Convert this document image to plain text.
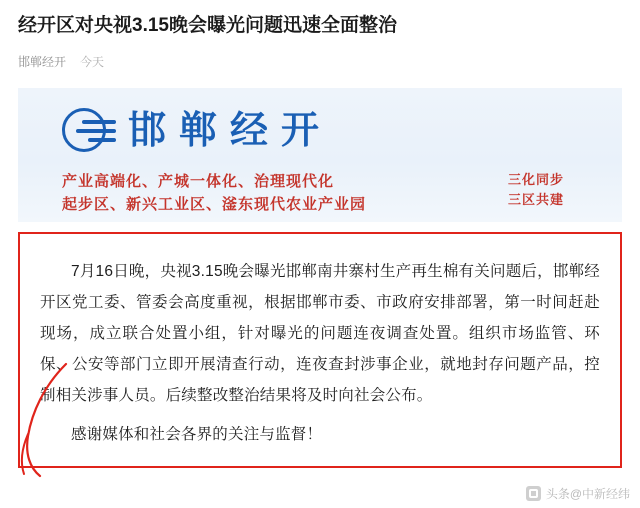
经开区对央视3.15晚会曝光问题迅速全面整治
邯郸经开 今天
邯郸经开
产业高端化、产城一体化、治理现代化
起步区、新兴工业区、滏东现代农业产业园
三化同步
三区共建

7月16日晚，央视3.15晚会曝光邯郸南井寨村生产再生棉有关问题后，邯郸经开区党工委、管委会高度重视，根据邯郸市委、市政府安排部署，第一时间赶赴现场，成立联合处置小组，针对曝光的问题连夜调查处置。组织市场监管、环保、公安等部门立即开展清查行动，连夜查封涉事企业，就地封存问题产品，控制相关涉事人员。后续整改整治结果将及时向社会公布。

感谢媒体和社会各界的关注与监督！

头条@中新经纬
